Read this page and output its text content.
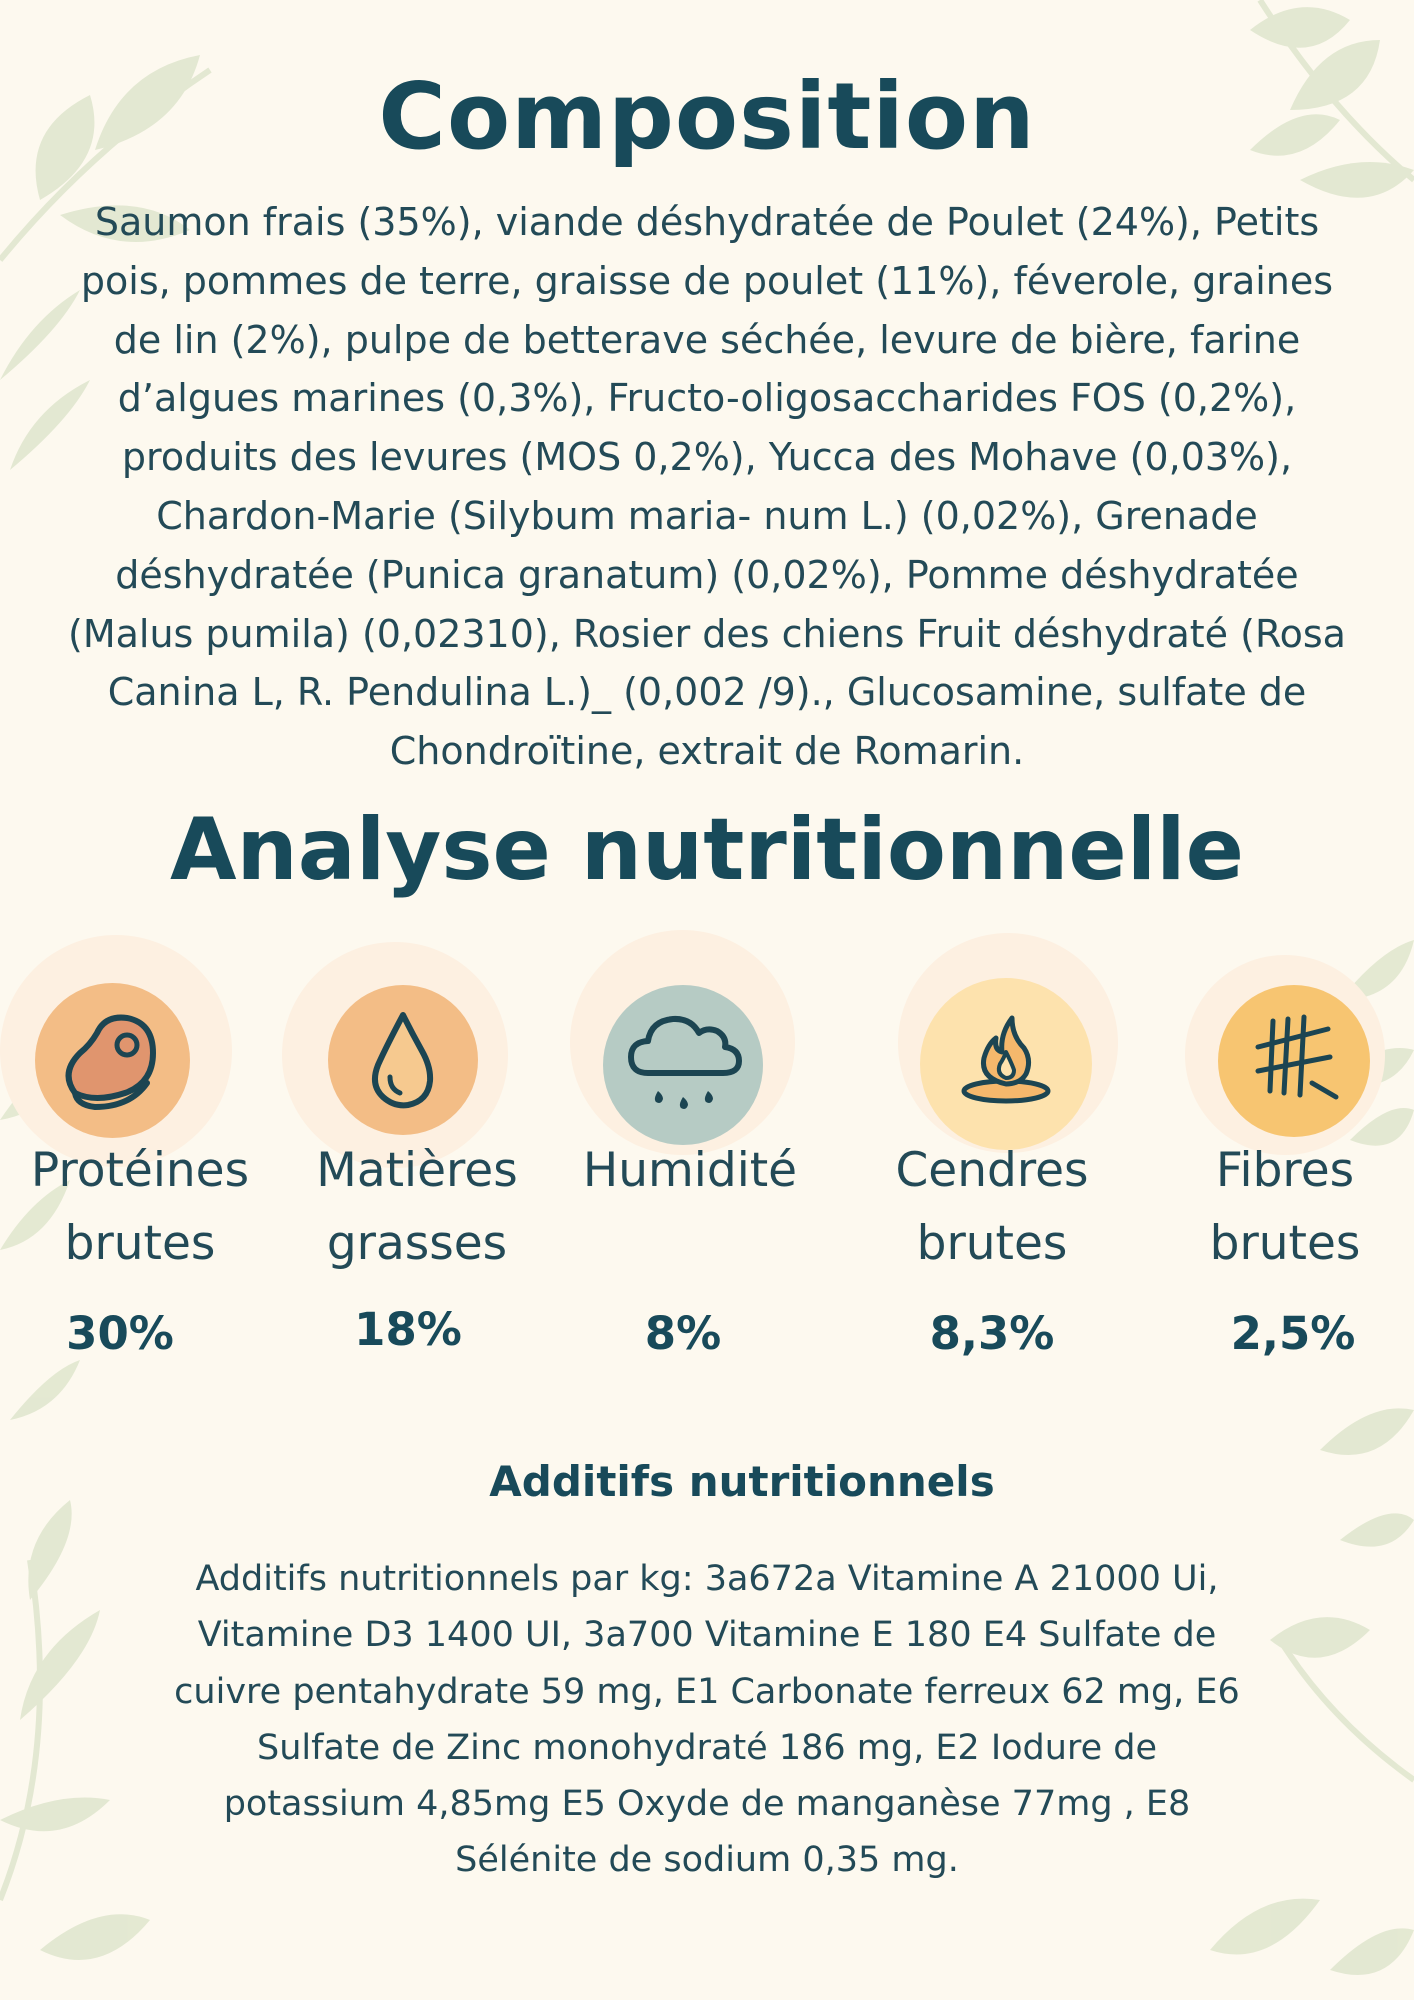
Composition
Saumon frais (35%), viande déshydratée de Poulet (24%), Petits pois, pommes de terre, graisse de poulet (11%), féverole, graines de lin (2%), pulpe de betterave séchée, levure de bière, farine d’algues marines (0,3%), Fructo-oligosaccharides FOS (0,2%), produits des levures (MOS 0,2%), Yucca des Mohave (0,03%), Chardon-Marie (Silybum maria- num L.) (0,02%), Grenade déshydratée (Punica granatum) (0,02%), Pomme déshydratée (Malus pumila) (0,02310), Rosier des chiens Fruit déshydraté (Rosa Canina L, R. Pendulina L.)_ (0,002 /9)., Glucosamine, sulfate de Chondroïtine, extrait de Romarin.
Analyse nutritionnelle
Protéines
brutes
30%
Matières
grasses
18%
Humidité
8%
Cendres
brutes
8,3%
Fibres
brutes
2,5%
Additifs nutritionnels
Additifs nutritionnels par kg: 3a672a Vitamine A 21000 Ui, Vitamine D3 1400 UI, 3a700 Vitamine E 180 E4 Sulfate de cuivre pentahydrate 59 mg, E1 Carbonate ferreux 62 mg, E6 Sulfate de Zinc monohydraté 186 mg, E2 Iodure de potassium 4,85mg E5 Oxyde de manganèse 77mg , E8 Sélénite de sodium 0,35 mg.
